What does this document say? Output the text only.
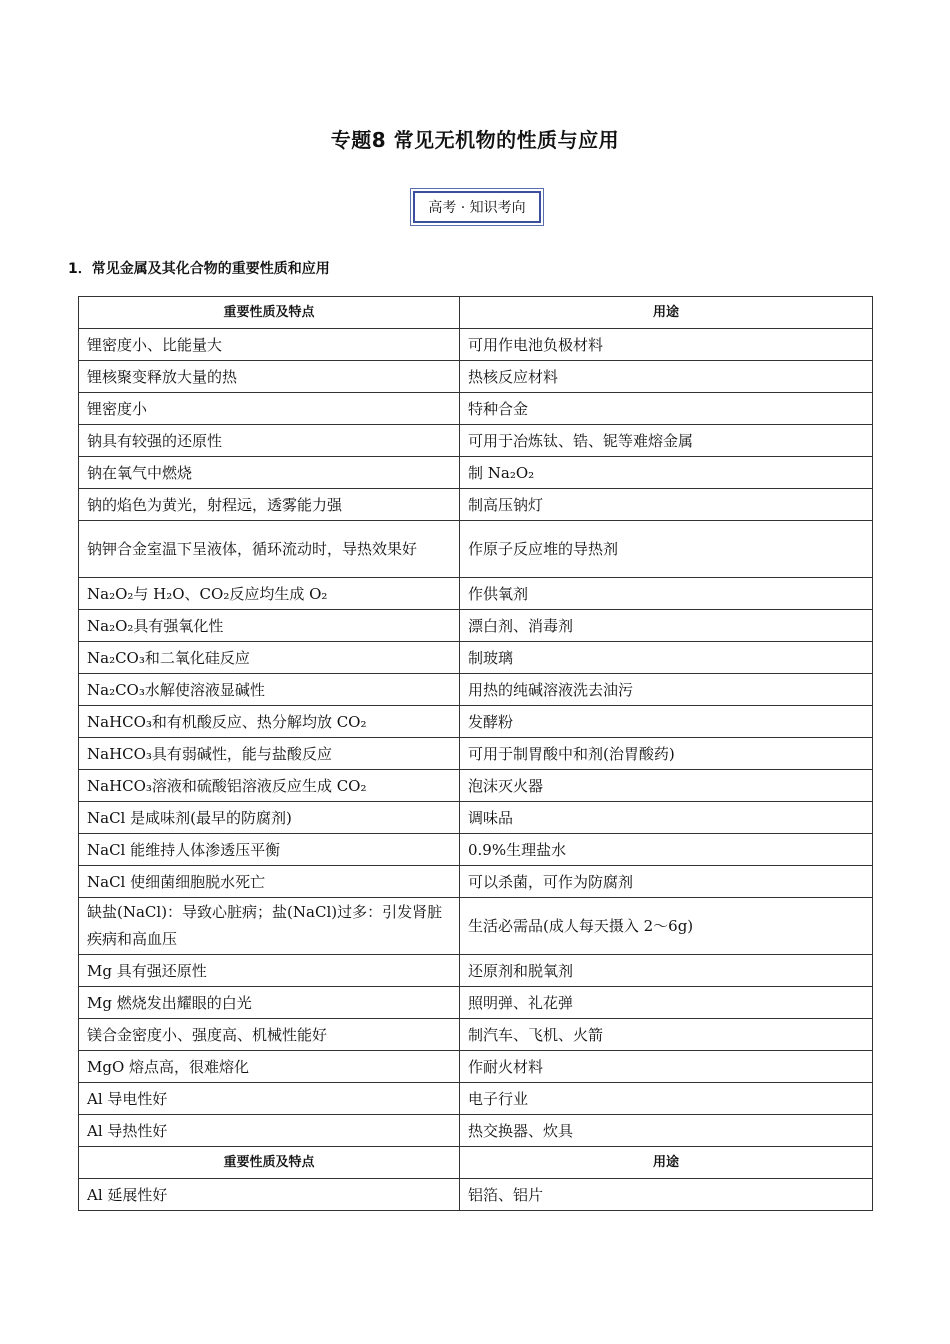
专题8 常见无机物的性质与应用
高考 · 知识考向
1．常见金属及其化合物的重要性质和应用
重要性质及特点	用途
锂密度小、比能量大	可用作电池负极材料
锂核聚变释放大量的热	热核反应材料
锂密度小	特种合金
钠具有较强的还原性	可用于冶炼钛、锆、铌等难熔金属
钠在氧气中燃烧	制 Na₂O₂
钠的焰色为黄光，射程远，透雾能力强	制高压钠灯
钠钾合金室温下呈液体，循环流动时，导热效果好	作原子反应堆的导热剂
Na₂O₂与 H₂O、CO₂反应均生成 O₂	作供氧剂
Na₂O₂具有强氧化性	漂白剂、消毒剂
Na₂CO₃和二氧化硅反应	制玻璃
Na₂CO₃水解使溶液显碱性	用热的纯碱溶液洗去油污
NaHCO₃和有机酸反应、热分解均放 CO₂	发酵粉
NaHCO₃具有弱碱性，能与盐酸反应	可用于制胃酸中和剂(治胃酸药)
NaHCO₃溶液和硫酸铝溶液反应生成 CO₂	泡沫灭火器
NaCl 是咸味剂(最早的防腐剂)	调味品
NaCl 能维持人体渗透压平衡	0.9%生理盐水
NaCl 使细菌细胞脱水死亡	可以杀菌，可作为防腐剂
缺盐(NaCl)：导致心脏病；盐(NaCl)过多：引发肾脏疾病和高血压	生活必需品(成人每天摄入 2～6g)
Mg 具有强还原性	还原剂和脱氧剂
Mg 燃烧发出耀眼的白光	照明弹、礼花弹
镁合金密度小、强度高、机械性能好	制汽车、飞机、火箭
MgO 熔点高，很难熔化	作耐火材料
Al 导电性好	电子行业
Al 导热性好	热交换器、炊具
重要性质及特点	用途
Al 延展性好	铝箔、铝片
